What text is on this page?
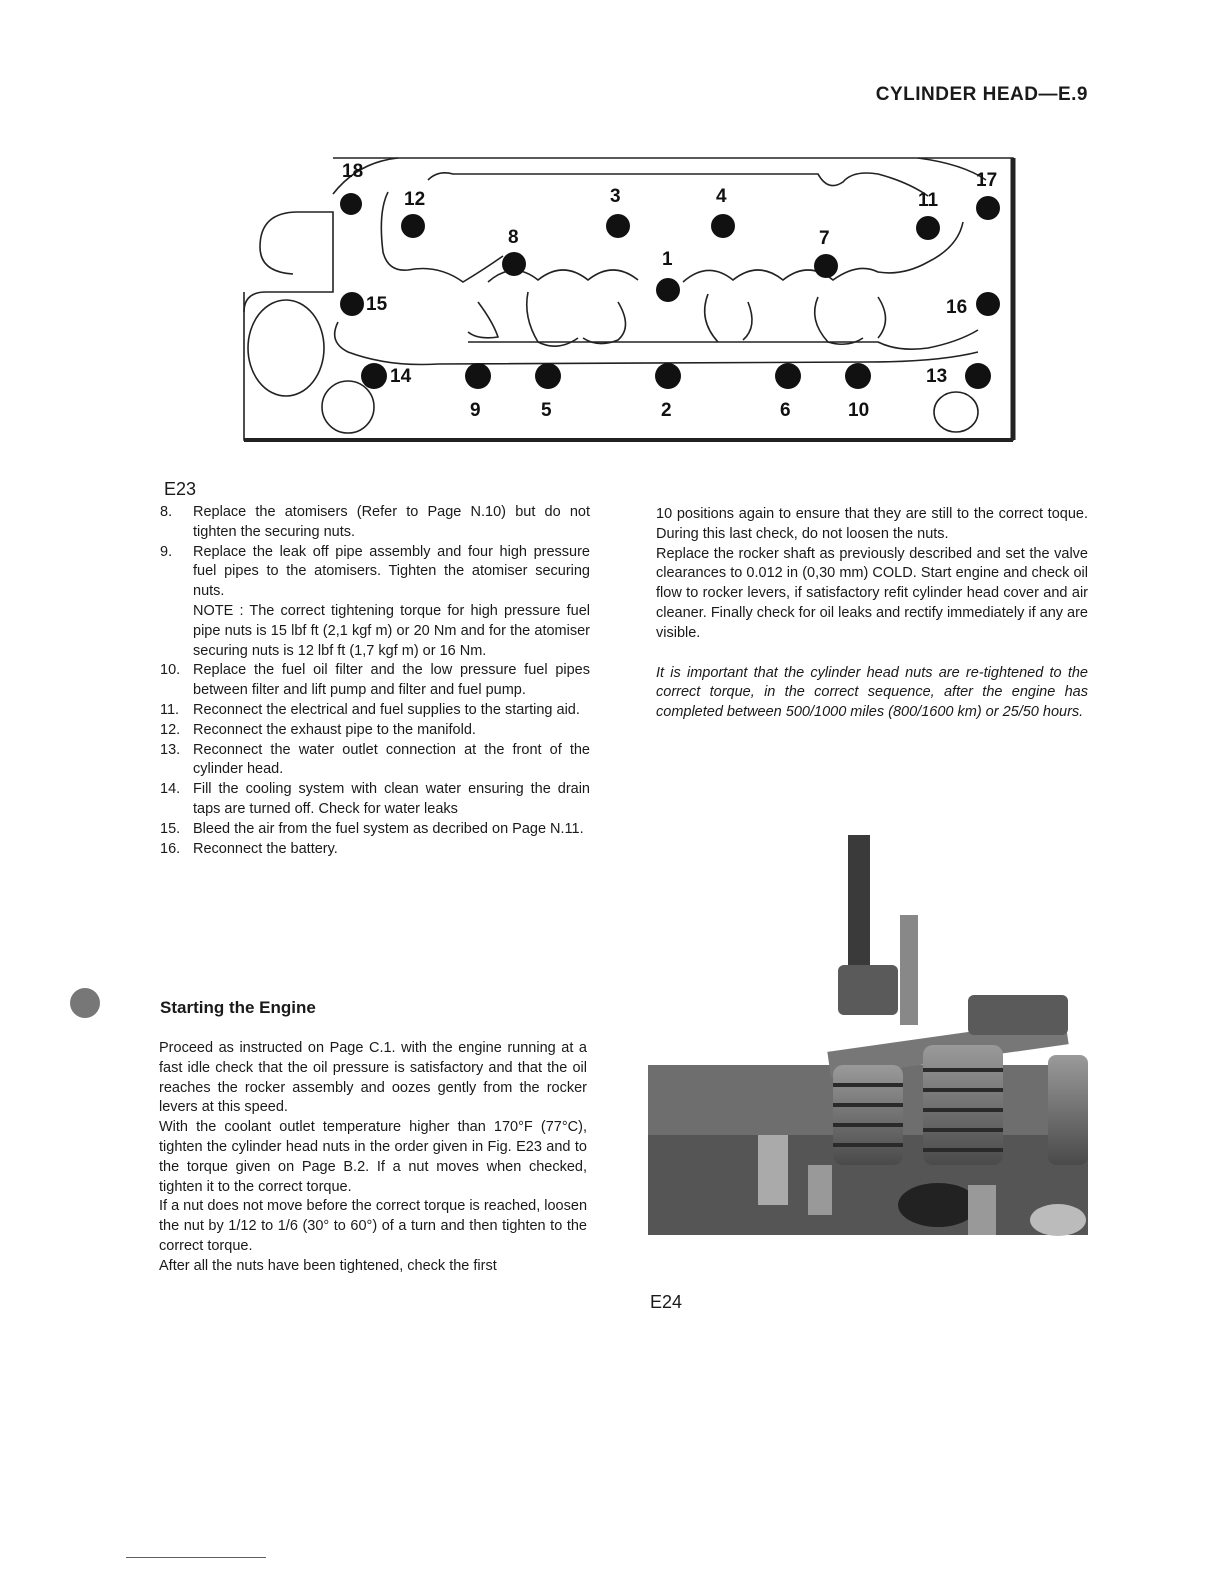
CYLINDER HEAD—E.9
18
12	3	4	11
17
8	7
1
15	16
14
9	5	2	6	10
13
E23
8.	Replace the atomisers (Refer to Page N.10) but do not tighten the securing nuts.
9.	Replace the leak off pipe assembly and four high pressure fuel pipes to the atomisers. Tighten the atomiser securing nuts.

NOTE : The correct tightening torque for high pressure fuel pipe nuts is 15 lbf ft (2,1 kgf m) or 20 Nm and for the atomiser securing nuts is 12 lbf ft (1,7 kgf m) or 16 Nm.

10. Replace the fuel oil filter and the low pressure fuel pipes between filter and lift pump and filter and fuel pump.
11. Reconnect the electrical and fuel supplies to the starting aid.
12. Reconnect the exhaust pipe to the manifold.
13. Reconnect the water outlet connection at the front of the cylinder head.
14. Fill the cooling system with clean water ensuring the drain taps are turned off. Check for water leaks
15. Bleed the air from the fuel system as decribed on Page N.11.
16. Reconnect the battery.
Starting the Engine

Proceed as instructed on Page C.1. with the engine running at a fast idle check that the oil pressure is satisfactory and that the oil reaches the rocker assembly and oozes gently from the rocker levers at this speed.

With the coolant outlet temperature higher than 170°F (77°C), tighten the cylinder head nuts in the order given in Fig. E23 and to the torque given on Page B.2. If a nut moves when checked, tighten it to the correct torque.

If a nut does not move before the correct torque is reached, loosen the nut by 1/12 to 1/6 (30° to 60°) of a turn and then tighten to the correct torque.

After all the nuts have been tightened, check the first

10 positions again to ensure that they are still to the correct toque. During this last check, do not loosen the nuts.

Replace the rocker shaft as previously described and set the valve clearances to 0.012 in (0,30 mm) COLD. Start engine and check oil flow to rocker levers, if satisfactory refit cylinder head cover and air cleaner. Finally check for oil leaks and rectify immediately if any are visible.

It is important that the cylinder head nuts are re-tightened to the correct torque, in the correct sequence, after the engine has completed between 500/1000 miles (800/1600 km) or 25/50 hours.

E24
